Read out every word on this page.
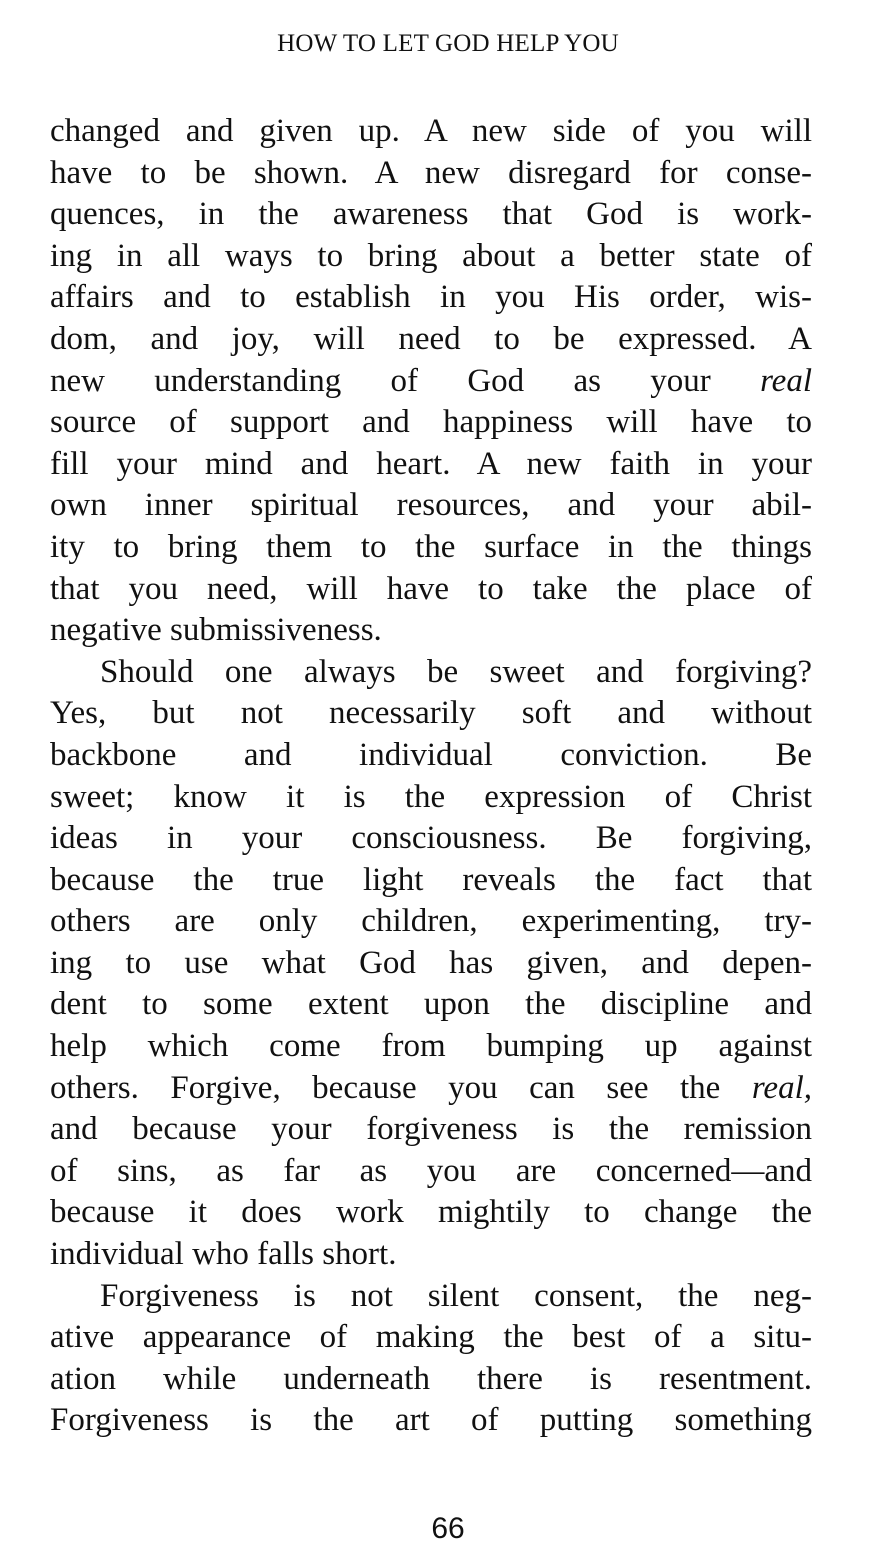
HOW TO LET GOD HELP YOU
changed and given up. A new side of you will
have to be shown. A new disregard for conse-
quences, in the awareness that God is work-
ing in all ways to bring about a better state of
affairs and to establish in you His order, wis-
dom, and joy, will need to be expressed. A
new understanding of God as your real
source of support and happiness will have to
fill your mind and heart. A new faith in your
own inner spiritual resources, and your abil-
ity to bring them to the surface in the things
that you need, will have to take the place of
negative submissiveness.
Should one always be sweet and forgiving?
Yes, but not necessarily soft and without
backbone and individual conviction. Be
sweet; know it is the expression of Christ
ideas in your consciousness. Be forgiving,
because the true light reveals the fact that
others are only children, experimenting, try-
ing to use what God has given, and depen-
dent to some extent upon the discipline and
help which come from bumping up against
others. Forgive, because you can see the real,
and because your forgiveness is the remission
of sins, as far as you are concerned—and
because it does work mightily to change the
individual who falls short.
Forgiveness is not silent consent, the neg-
ative appearance of making the best of a situ-
ation while underneath there is resentment.
Forgiveness is the art of putting something
66
